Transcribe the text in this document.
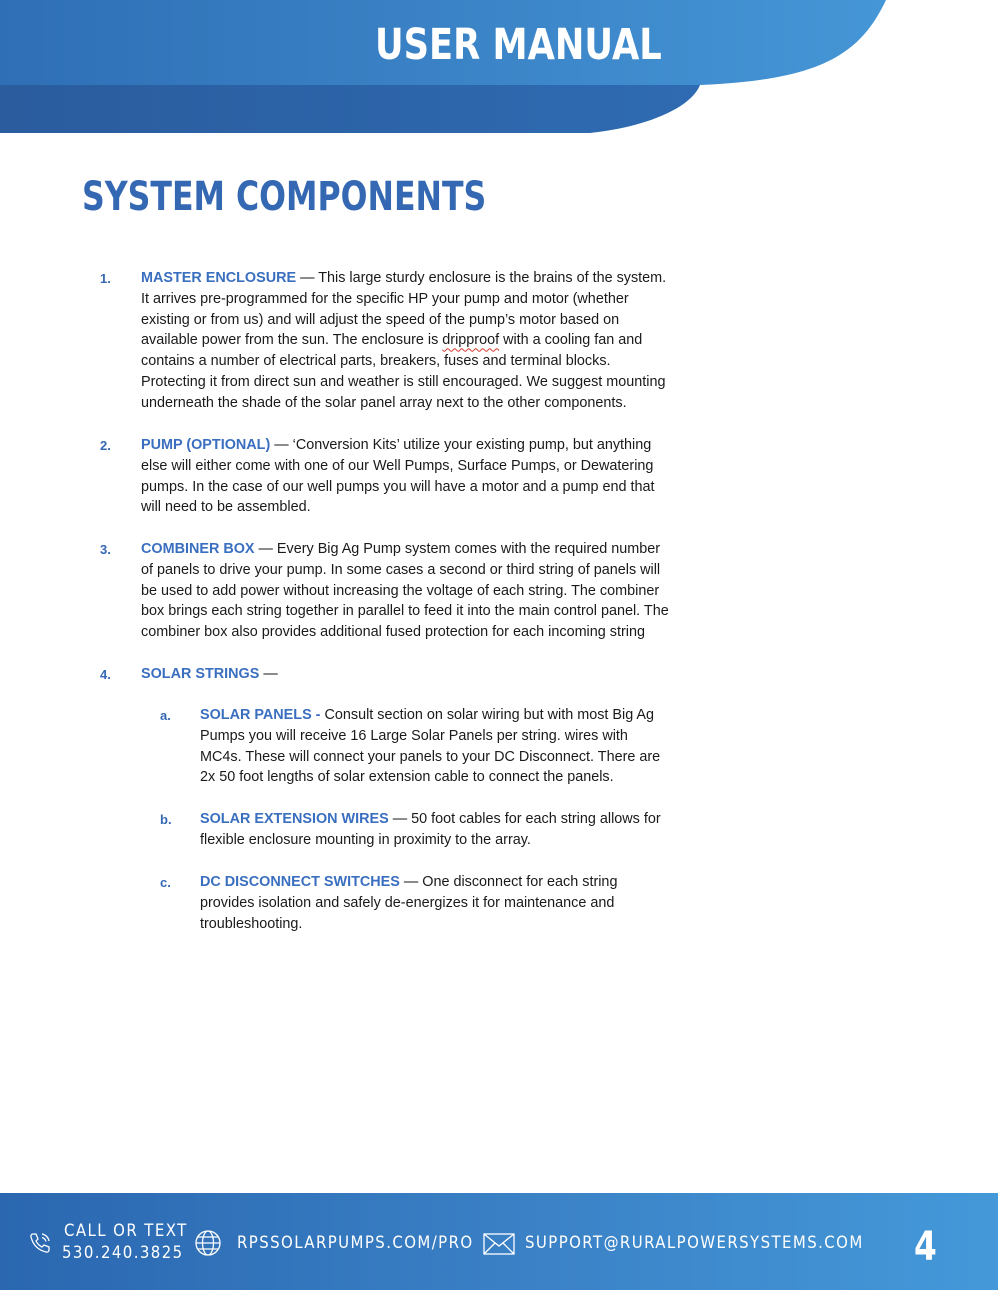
USER MANUAL
SYSTEM COMPONENTS
1. MASTER ENCLOSURE — This large sturdy enclosure is the brains of the system.
It arrives pre-programmed for the specific HP your pump and motor (whether
existing or from us) and will adjust the speed of the pump’s motor based on
available power from the sun. The enclosure is dripproof with a cooling fan and
contains a number of electrical parts, breakers, fuses and terminal blocks.
Protecting it from direct sun and weather is still encouraged. We suggest mounting
underneath the shade of the solar panel array next to the other components.
2. PUMP (OPTIONAL) — ‘Conversion Kits’ utilize your existing pump, but anything
else will either come with one of our Well Pumps, Surface Pumps, or Dewatering
pumps. In the case of our well pumps you will have a motor and a pump end that
will need to be assembled.
3. COMBINER BOX — Every Big Ag Pump system comes with the required number
of panels to drive your pump. In some cases a second or third string of panels will
be used to add power without increasing the voltage of each string. The combiner
box brings each string together in parallel to feed it into the main control panel. The
combiner box also provides additional fused protection for each incoming string
4. SOLAR STRINGS —
a. SOLAR PANELS - Consult section on solar wiring but with most Big Ag
Pumps you will receive 16 Large Solar Panels per string. wires with
MC4s. These will connect your panels to your DC Disconnect. There are
2x 50 foot lengths of solar extension cable to connect the panels.
b. SOLAR EXTENSION WIRES — 50 foot cables for each string allows for
flexible enclosure mounting in proximity to the array.
c. DC DISCONNECT SWITCHES — One disconnect for each string
provides isolation and safely de-energizes it for maintenance and
troubleshooting.
CALL OR TEXT
530.240.3825	RPSSOLARPUMPS.COM/PRO	SUPPORT@RURALPOWERSYSTEMS.COM 4
